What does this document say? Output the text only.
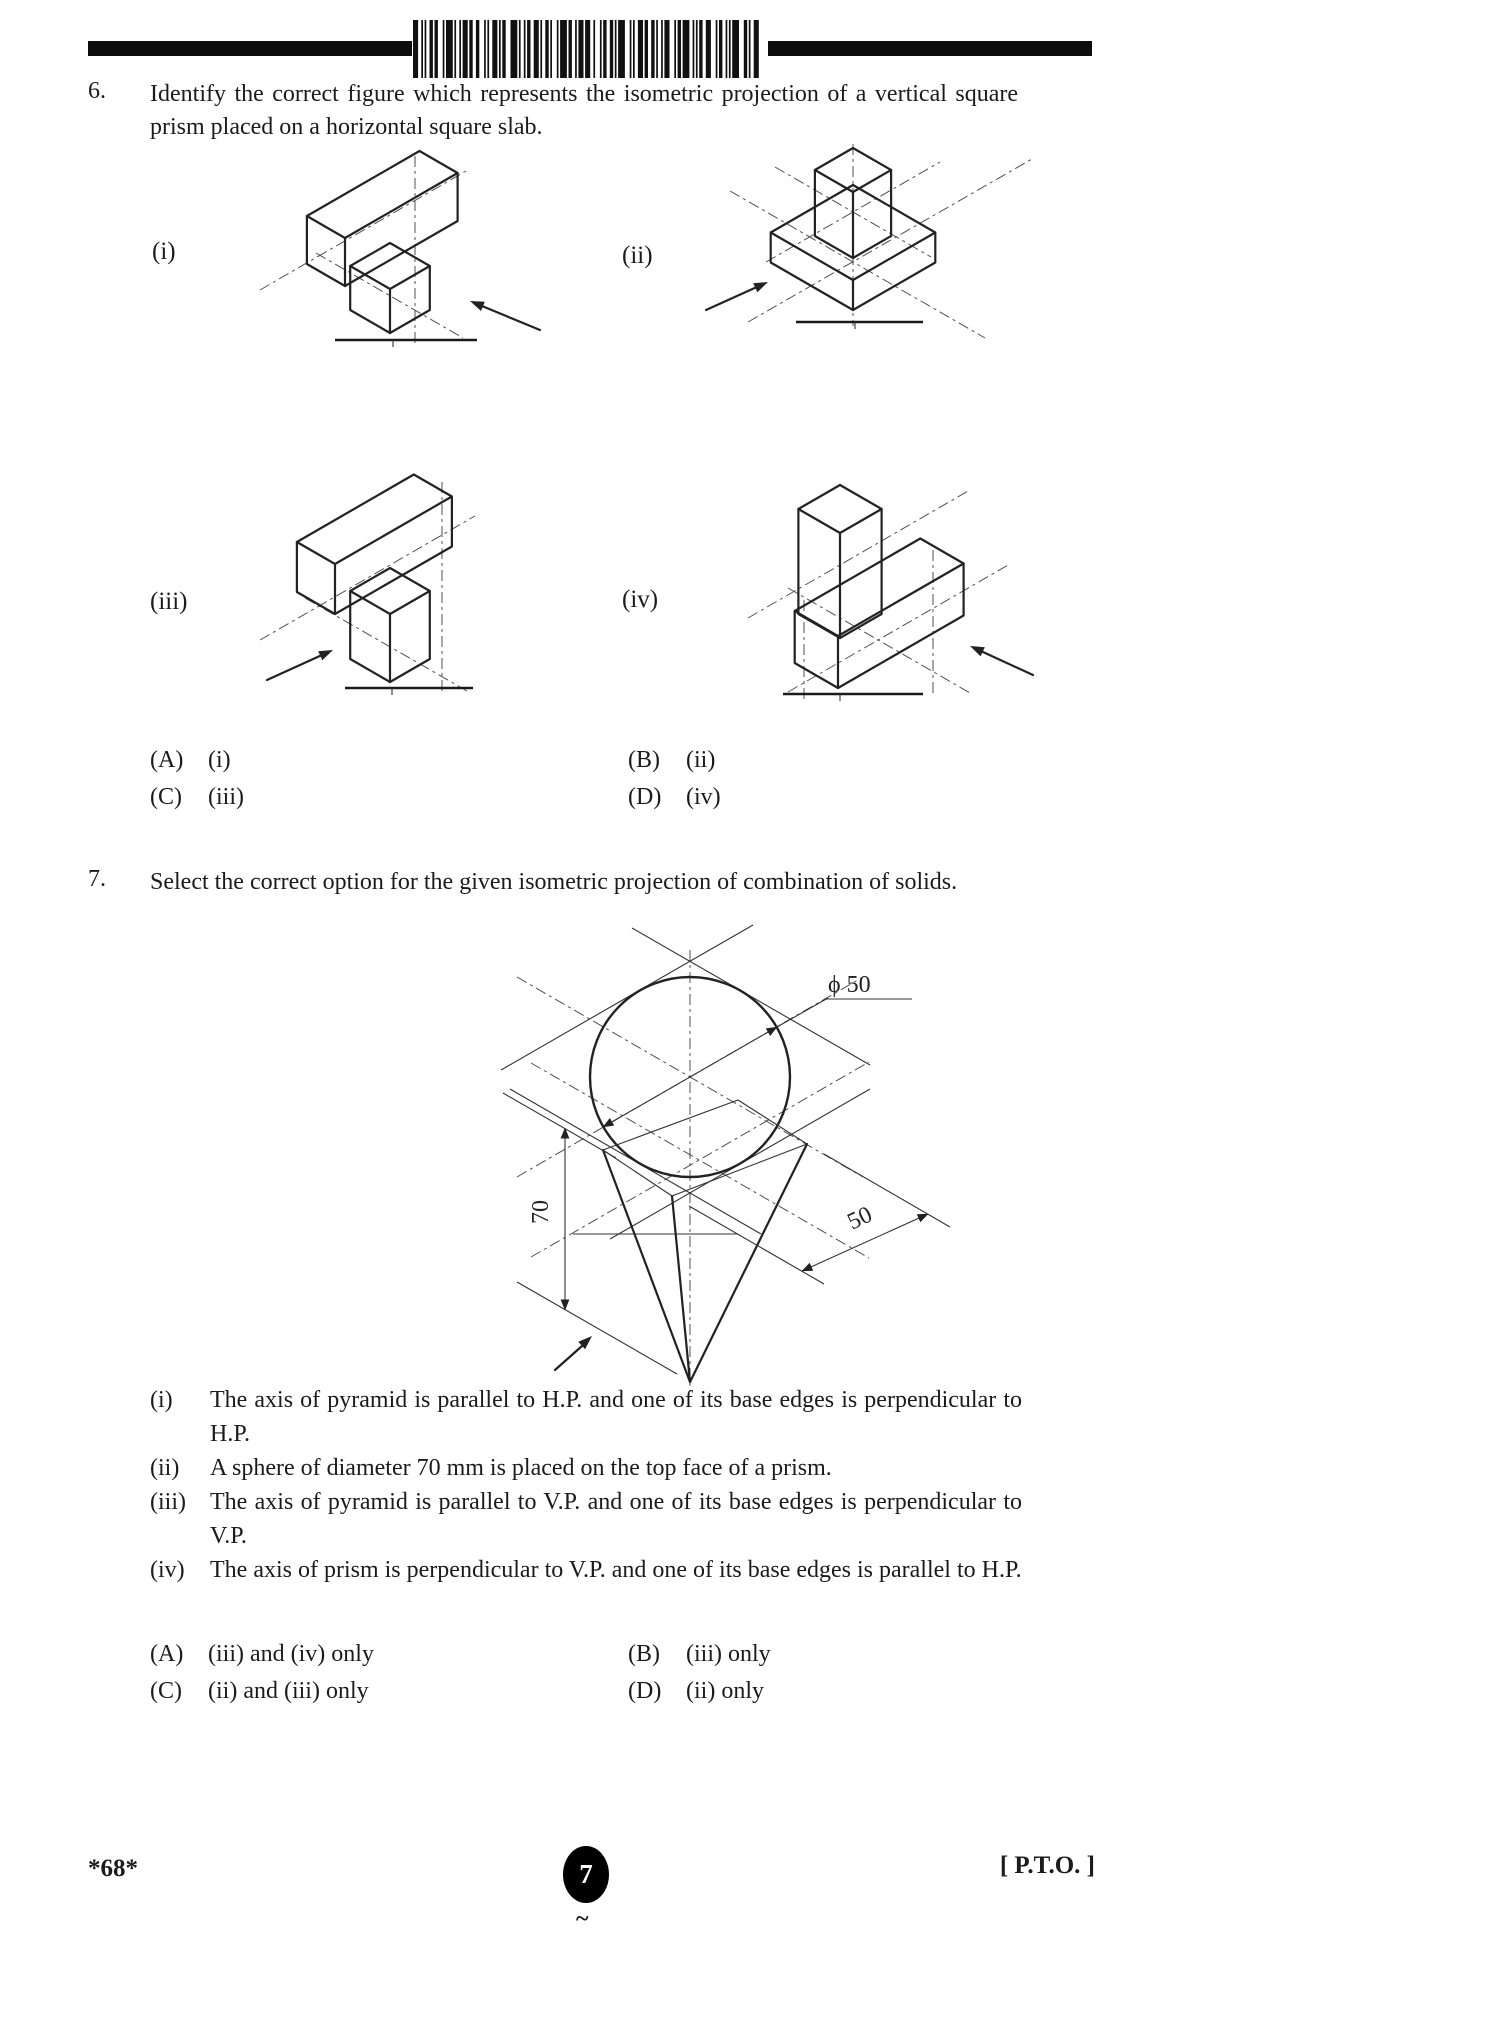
6. Identify the correct figure which represents the isometric projection of a vertical square prism placed on a horizontal square slab.
(i)	(ii)
(iii)	(iv)
(A)	(i)	(B)	(ii)
(C)	(iii)	(D)	(iv)
7. Select the correct option for the given isometric projection of combination of solids.
70	50
ϕ 50
(i)	The axis of pyramid is parallel to H.P. and one of its base edges is perpendicular to H.P.
(ii)	A sphere of diameter 70 mm is placed on the top face of a prism.
(iii)	The axis of pyramid is parallel to V.P. and one of its base edges is perpendicular to V.P.
(iv)	The axis of prism is perpendicular to V.P. and one of its base edges is parallel to H.P.
(A)	(iii) and (iv) only	(B)	(iii) only
(C)	(ii) and (iii) only	(D)	(ii) only
*68*	7
~
[ P.T.O. ]
